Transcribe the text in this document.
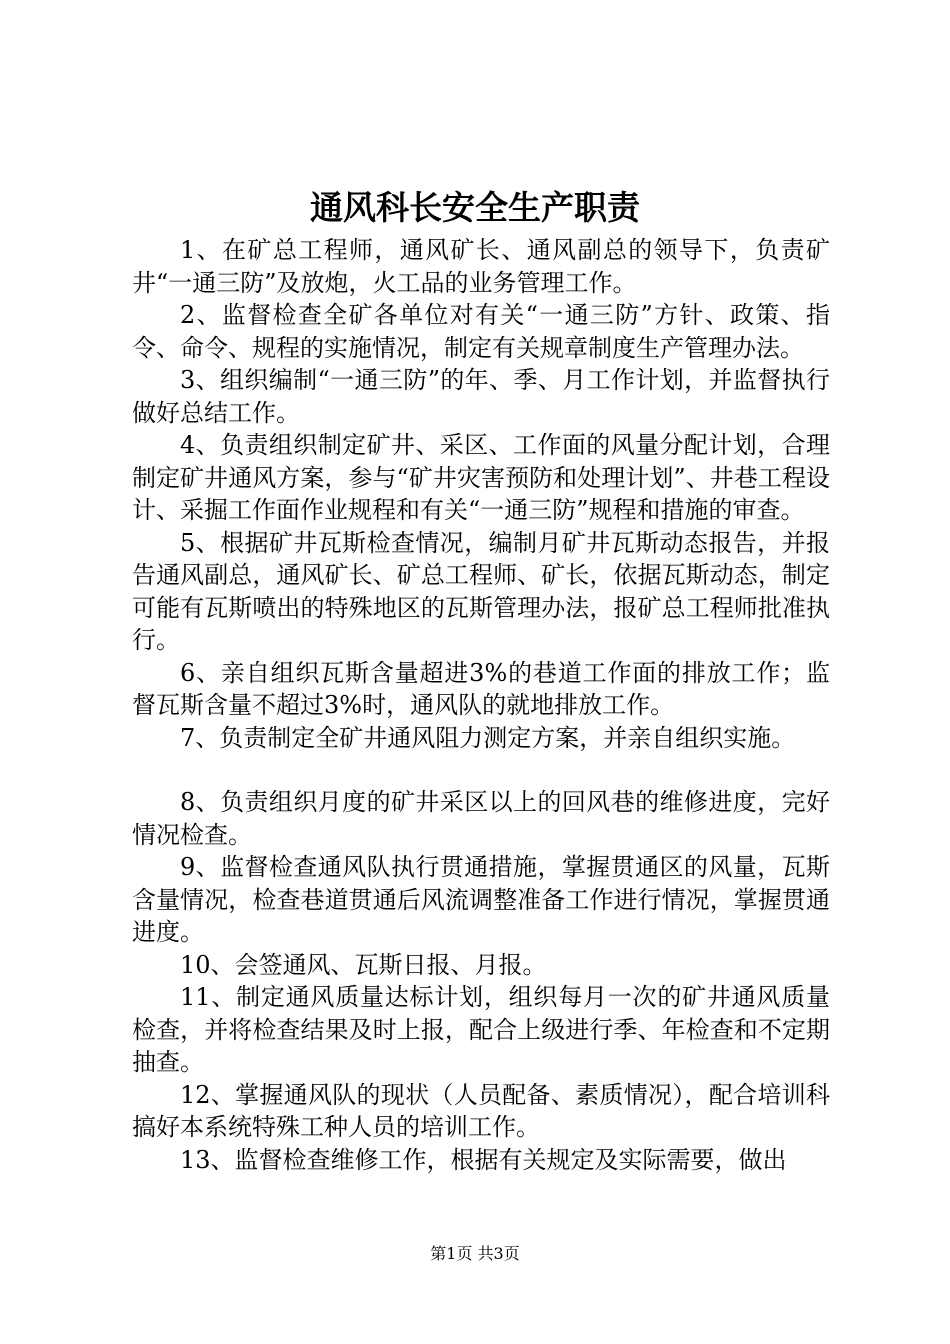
通风科长安全生产职责

1、在矿总工程师，通风矿长、通风副总的领导下，负责矿井“一通三防”及放炮，火工品的业务管理工作。

2、监督检查全矿各单位对有关“一通三防”方针、政策、指令、命令、规程的实施情况，制定有关规章制度生产管理办法。

3、组织编制“一通三防”的年、季、月工作计划，并监督执行做好总结工作。

4、负责组织制定矿井、采区、工作面的风量分配计划，合理制定矿井通风方案，参与“矿井灾害预防和处理计划”、井巷工程设计、采掘工作面作业规程和有关“一通三防”规程和措施的审查。

5、根据矿井瓦斯检查情况，编制月矿井瓦斯动态报告，并报告通风副总，通风矿长、矿总工程师、矿长，依据瓦斯动态，制定可能有瓦斯喷出的特殊地区的瓦斯管理办法，报矿总工程师批准执行。

6、亲自组织瓦斯含量超进3%的巷道工作面的排放工作；监督瓦斯含量不超过3%时，通风队的就地排放工作。

7、负责制定全矿井通风阻力测定方案，并亲自组织实施。

8、负责组织月度的矿井采区以上的回风巷的维修进度，完好情况检查。

9、监督检查通风队执行贯通措施，掌握贯通区的风量，瓦斯含量情况，检查巷道贯通后风流调整准备工作进行情况，掌握贯通进度。

10、会签通风、瓦斯日报、月报。

11、制定通风质量达标计划，组织每月一次的矿井通风质量检查，并将检查结果及时上报，配合上级进行季、年检查和不定期抽查。

12、掌握通风队的现状（人员配备、素质情况），配合培训科搞好本系统特殊工种人员的培训工作。

13、监督检查维修工作，根据有关规定及实际需要，做出

第1页 共3页
